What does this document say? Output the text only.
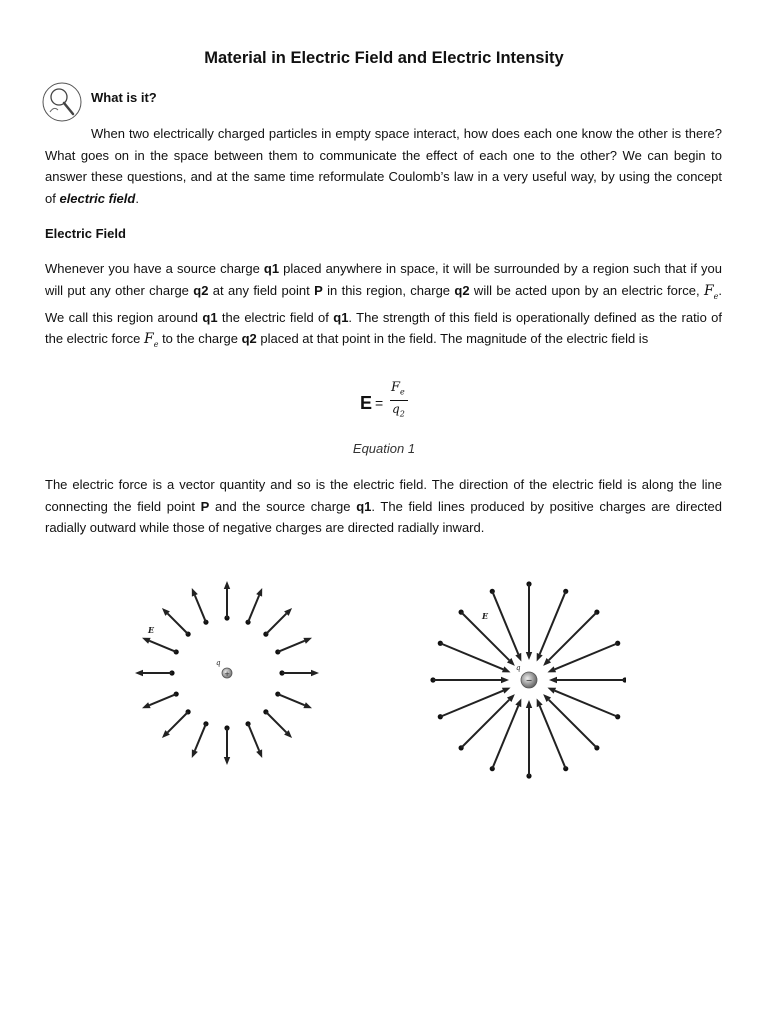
Material in Electric Field and Electric Intensity
What is it?
When two electrically charged particles in empty space interact, how does each one know the other is there? What goes on in the space between them to communicate the effect of each one to the other? We can begin to answer these questions, and at the same time reformulate Coulomb’s law in a very useful way, by using the concept of electric field.
Electric Field
Whenever you have a source charge q1 placed anywhere in space, it will be surrounded by a region such that if you will put any other charge q2 at any field point P in this region, charge q2 will be acted upon by an electric force, $F_e$. We call this region around q1 the electric field of q1. The strength of this field is operationally defined as the ratio of the electric force $F_e$ to the charge q2 placed at that point in the field. The magnitude of the electric field is
E =
$F_e$
$q_2$
Equation 1
The electric force is a vector quantity and so is the electric field. The direction of the electric field is along the line connecting the field point P and the source charge q1. The field lines produced by positive charges are directed radially outward while those of negative charges are directed radially inward.
+
q
E
−
q
E
